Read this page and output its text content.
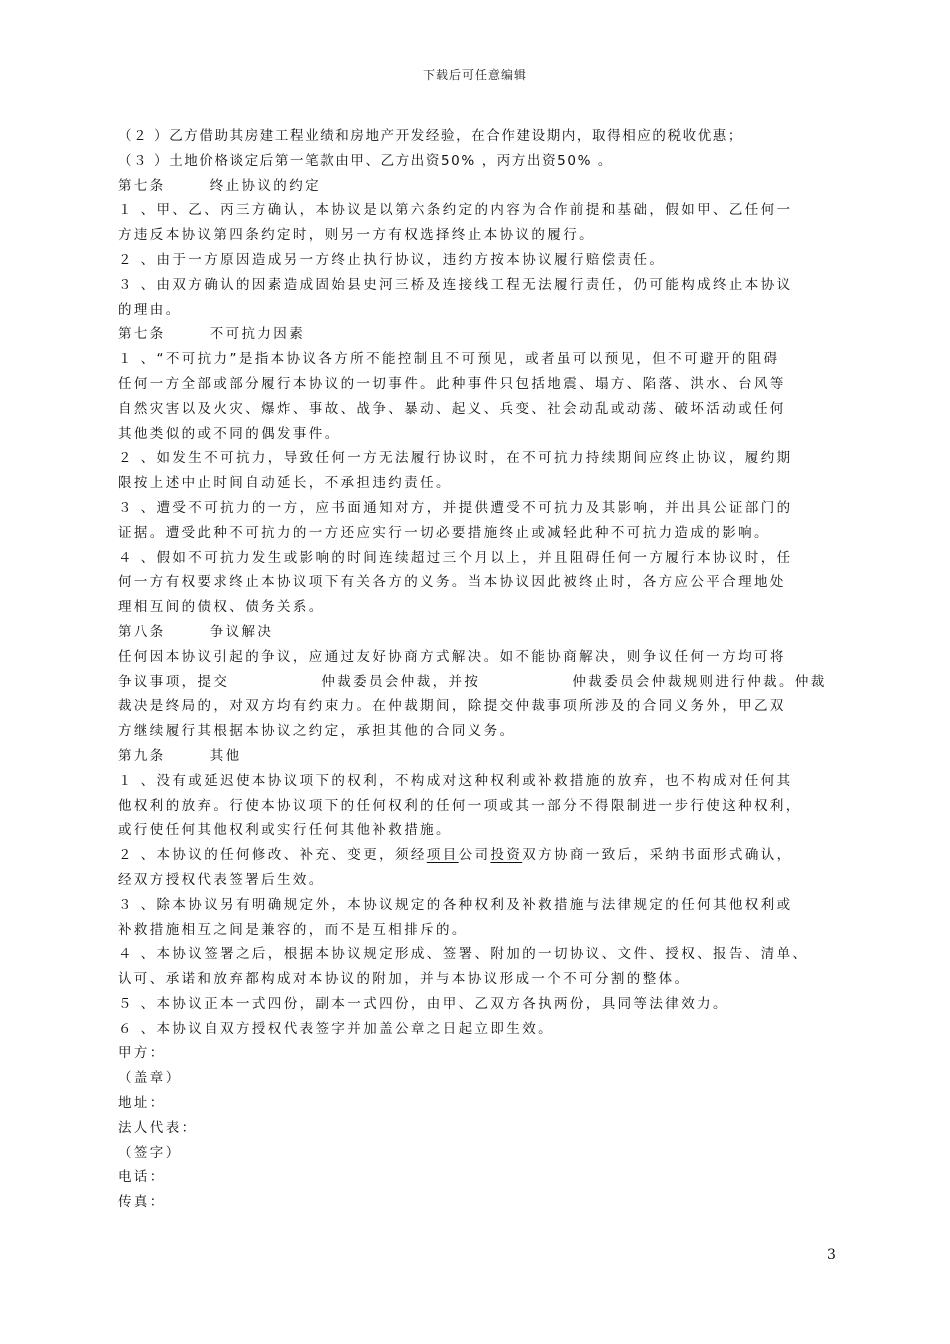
下载后可任意编辑
（２ ）乙方借助其房建工程业绩和房地产开发经验，在合作建设期内，取得相应的税收优惠；
（３ ）土地价格谈定后第一笔款由甲、乙方出资50% ，丙方出资50% 。
第七条	终止协议的约定
１ 、甲、乙、丙三方确认，本协议是以第六条约定的内容为合作前提和基础，假如甲、乙任何一
方违反本协议第四条约定时，则另一方有权选择终止本协议的履行。
２ 、由于一方原因造成另一方终止执行协议，违约方按本协议履行赔偿责任。
３ 、由双方确认的因素造成固始县史河三桥及连接线工程无法履行责任，仍可能构成终止本协议
的理由。
第七条	不可抗力因素
１ 、“不可抗力”是指本协议各方所不能控制且不可预见，或者虽可以预见，但不可避开的阻碍
任何一方全部或部分履行本协议的一切事件。此种事件只包括地震、塌方、陷落、洪水、台风等
自然灾害以及火灾、爆炸、事故、战争、暴动、起义、兵变、社会动乱或动荡、破坏活动或任何
其他类似的或不同的偶发事件。
２ 、如发生不可抗力，导致任何一方无法履行协议时，在不可抗力持续期间应终止协议，履约期
限按上述中止时间自动延长，不承担违约责任。
３ 、遭受不可抗力的一方，应书面通知对方，并提供遭受不可抗力及其影响，并出具公证部门的
证据。遭受此种不可抗力的一方还应实行一切必要措施终止或减轻此种不可抗力造成的影响。
４ 、假如不可抗力发生或影响的时间连续超过三个月以上，并且阻碍任何一方履行本协议时，任
何一方有权要求终止本协议项下有关各方的义务。当本协议因此被终止时，各方应公平合理地处
理相互间的债权、债务关系。
第八条	争议解决
任何因本协议引起的争议，应通过友好协商方式解决。如不能协商解决，则争议任何一方均可将
争议事项，提交	仲裁委员会仲裁，并按	仲裁委员会仲裁规则进行仲裁。仲裁
裁决是终局的，对双方均有约束力。在仲裁期间，除提交仲裁事项所涉及的合同义务外，甲乙双
方继续履行其根据本协议之约定，承担其他的合同义务。
第九条	其他
１ 、没有或延迟使本协议项下的权利，不构成对这种权利或补救措施的放弃，也不构成对任何其
他权利的放弃。行使本协议项下的任何权利的任何一项或其一部分不得限制进一步行使这种权利，
或行使任何其他权利或实行任何其他补救措施。
２ 、本协议的任何修改、补充、变更，须经项目公司投资双方协商一致后，采纳书面形式确认，
经双方授权代表签署后生效。
３ 、除本协议另有明确规定外，本协议规定的各种权利及补救措施与法律规定的任何其他权利或
补救措施相互之间是兼容的，而不是互相排斥的。
４ 、本协议签署之后，根据本协议规定形成、签署、附加的一切协议、文件、授权、报告、清单、
认可、承诺和放弃都构成对本协议的附加，并与本协议形成一个不可分割的整体。
５ 、本协议正本一式四份，副本一式四份，由甲、乙双方各执两份，具同等法律效力。
６ 、本协议自双方授权代表签字并加盖公章之日起立即生效。
甲方：
（盖章）
地址：
法人代表：
（签字）
电话：
传真：
3
